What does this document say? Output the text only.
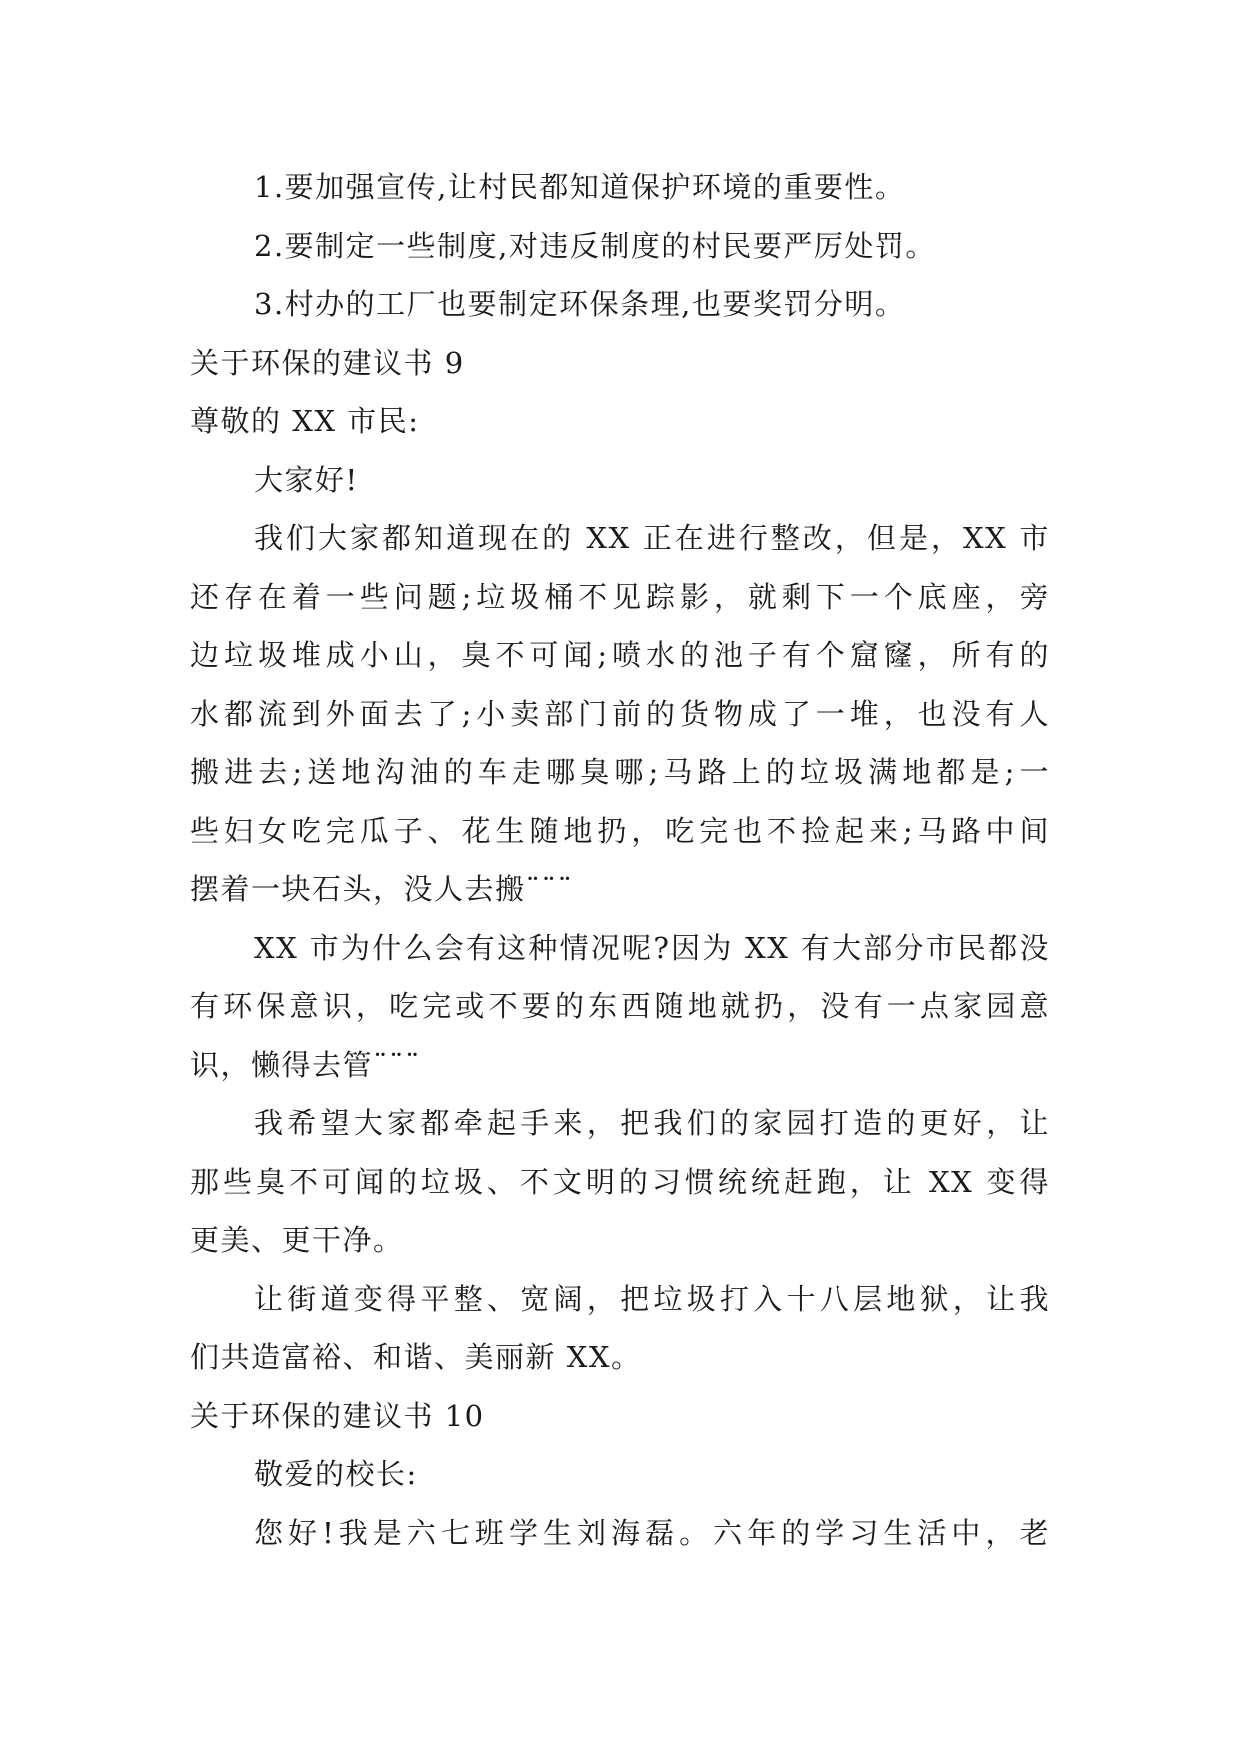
1.要加强宣传,让村民都知道保护环境的重要性。
2.要制定一些制度,对违反制度的村民要严厉处罚。
3.村办的工厂也要制定环保条理,也要奖罚分明。
关于环保的建议书 9
尊敬的 XX 市民:
大家好!
我们大家都知道现在的 XX 正在进行整改，但是，XX 市
还存在着一些问题;垃圾桶不见踪影，就剩下一个底座，旁
边垃圾堆成小山，臭不可闻;喷水的池子有个窟窿，所有的
水都流到外面去了;小卖部门前的货物成了一堆，也没有人
搬进去;送地沟油的车走哪臭哪;马路上的垃圾满地都是;一
些妇女吃完瓜子、花生随地扔，吃完也不捡起来;马路中间
摆着一块石头，没人去搬¨¨¨
XX 市为什么会有这种情况呢?因为 XX 有大部分市民都没
有环保意识，吃完或不要的东西随地就扔，没有一点家园意
识，懒得去管¨¨¨
我希望大家都牵起手来，把我们的家园打造的更好，让
那些臭不可闻的垃圾、不文明的习惯统统赶跑，让 XX 变得
更美、更干净。
让街道变得平整、宽阔，把垃圾打入十八层地狱，让我
们共造富裕、和谐、美丽新 XX。
关于环保的建议书 10
敬爱的校长:
您好!我是六七班学生刘海磊。六年的学习生活中，老
